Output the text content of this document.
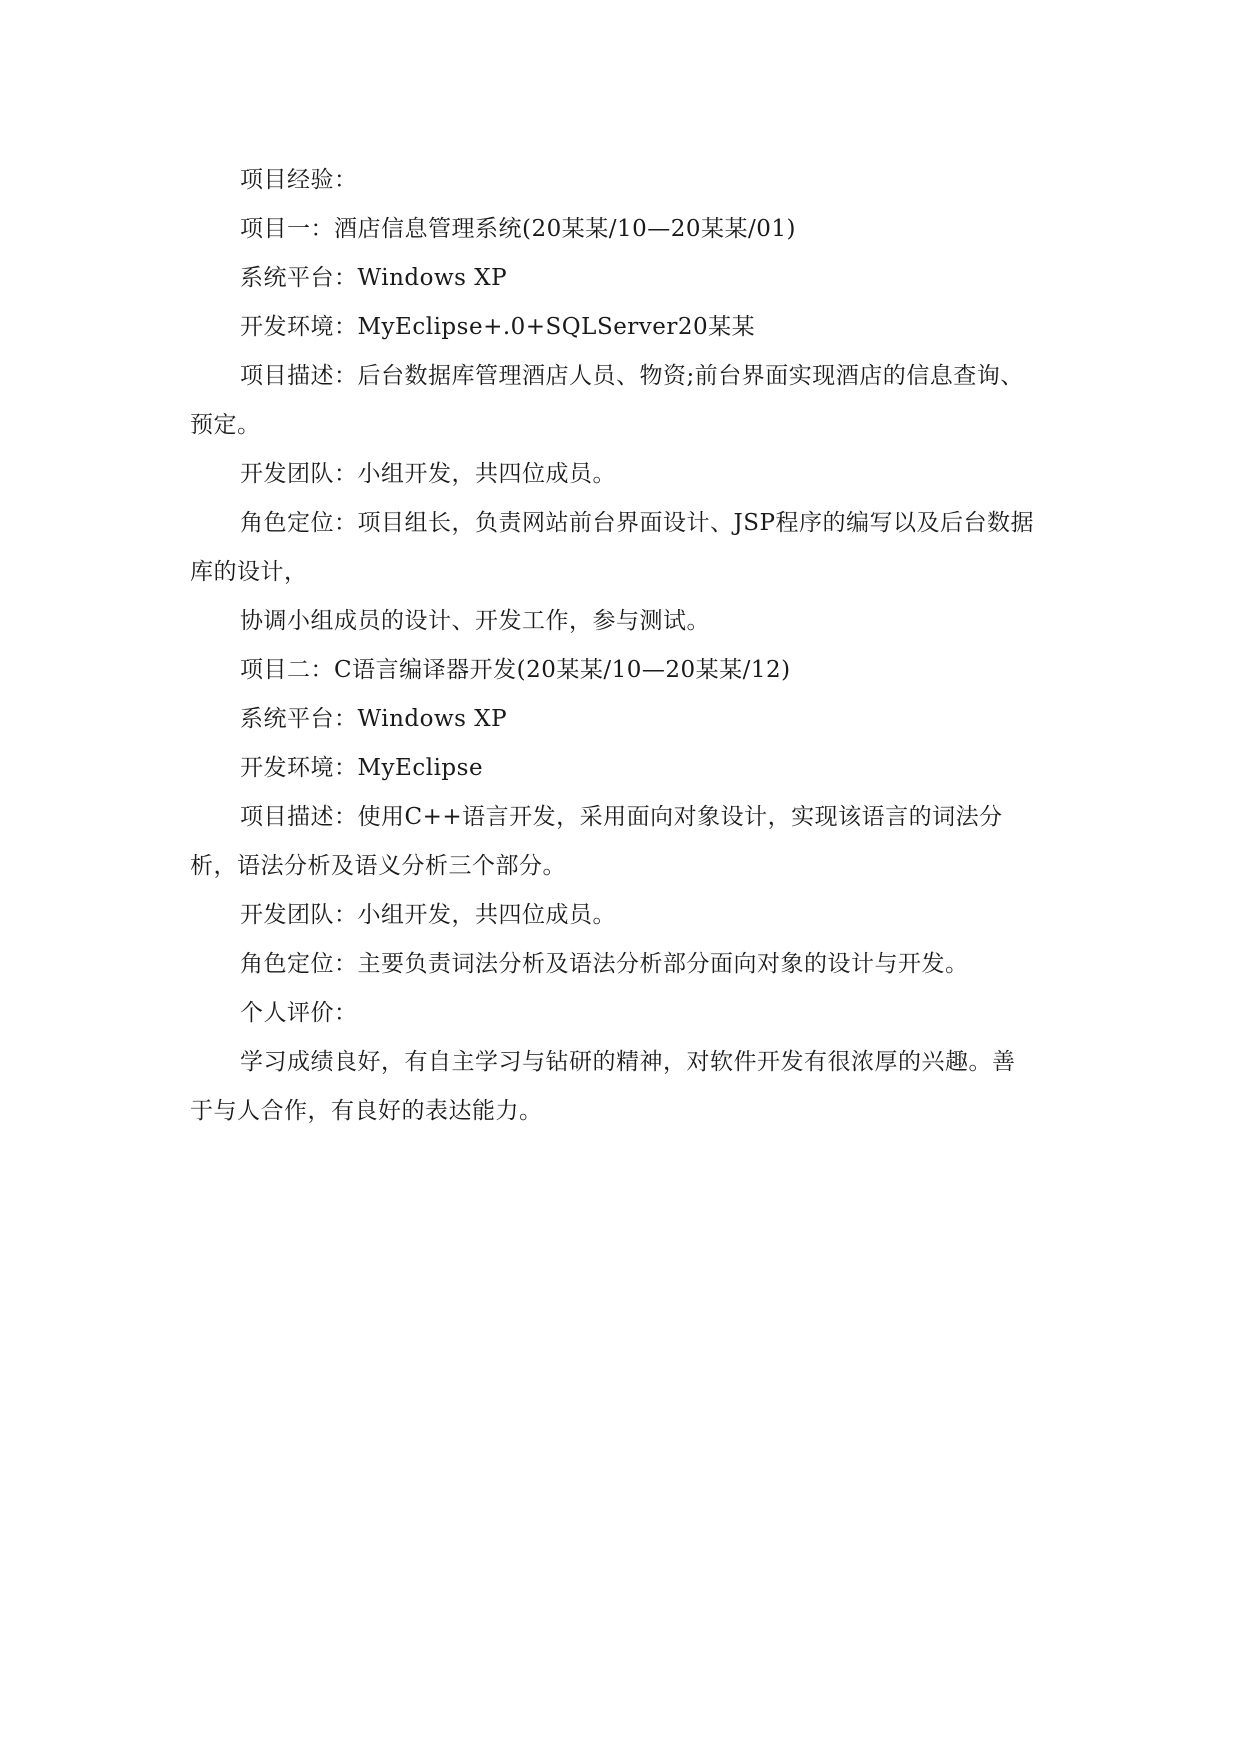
项目经验：

项目一：酒店信息管理系统(20某某/10—20某某/01)

系统平台：Windows XP

开发环境：MyEclipse+.0+SQLServer20某某

项目描述：后台数据库管理酒店人员、物资;前台界面实现酒店的信息查询、预定。

开发团队：小组开发，共四位成员。

角色定位：项目组长，负责网站前台界面设计、JSP程序的编写以及后台数据库的设计，

协调小组成员的设计、开发工作，参与测试。

项目二：C语言编译器开发(20某某/10—20某某/12)

系统平台：Windows XP

开发环境：MyEclipse

项目描述：使用C++语言开发，采用面向对象设计，实现该语言的词法分析，语法分析及语义分析三个部分。

开发团队：小组开发，共四位成员。

角色定位：主要负责词法分析及语法分析部分面向对象的设计与开发。

个人评价：

学习成绩良好，有自主学习与钻研的精神，对软件开发有很浓厚的兴趣。善于与人合作，有良好的表达能力。
